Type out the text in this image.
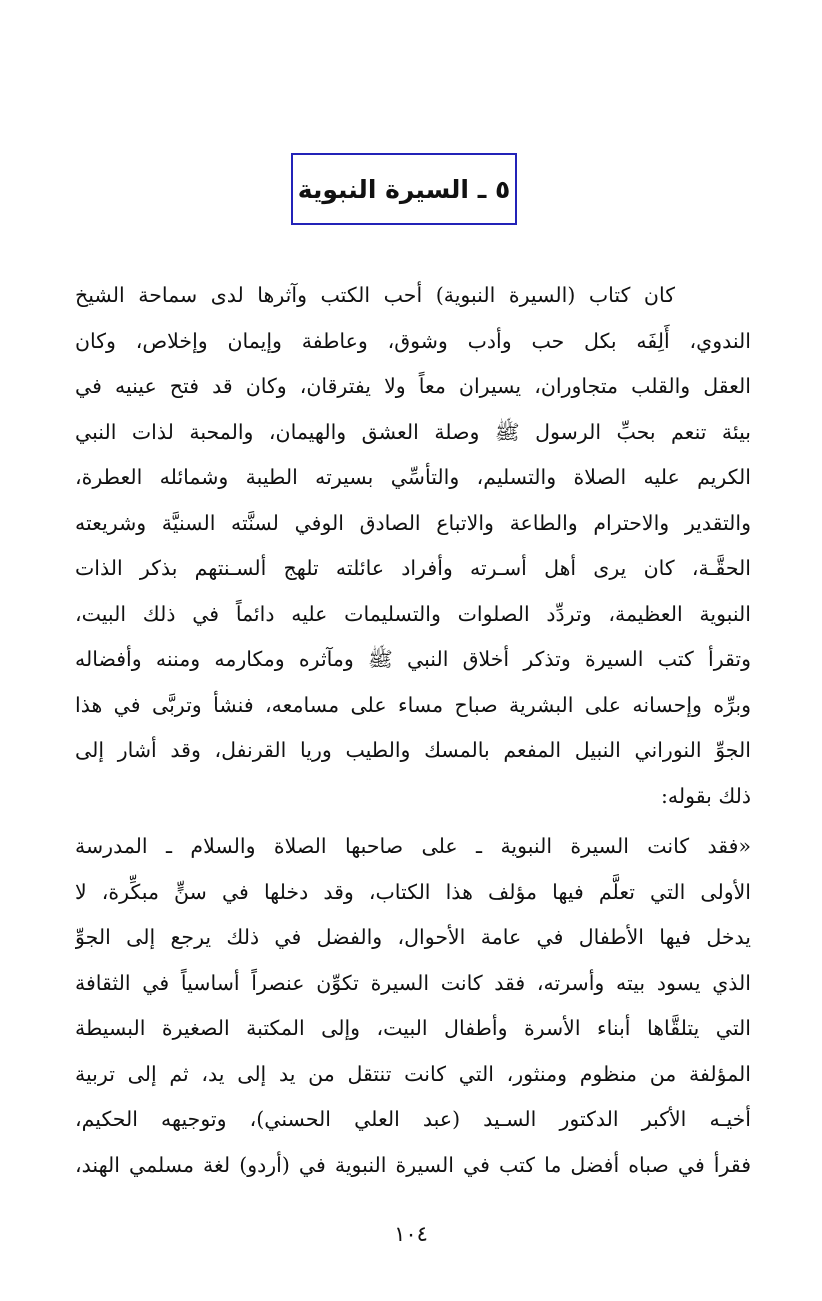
٥ ـ السيرة النبوية
كان كتاب (السيرة النبوية) أحب الكتب وآثرها لدى سماحة الشيخ
الندوي، أَلِفَه بكل حب وأدب وشوق، وعاطفة وإيمان وإخلاص، وكان
العقل والقلب متجاوران، يسيران معاً ولا يفترقان، وكان قد فتح عينيه في
بيئة تنعم بحبِّ الرسول ﷺ وصلة العشق والهيمان، والمحبة لذات النبي
الكريم عليه الصلاة والتسليم، والتأسِّي بسيرته الطيبة وشمائله العطرة،
والتقدير والاحترام والطاعة والاتباع الصادق الوفي لسنَّته السنيَّة وشريعته
الحقَّـة، كان يرى أهل أسـرته وأفراد عائلته تلهج ألسـنتهم بذكر الذات
النبوية العظيمة، وتردِّد الصلوات والتسليمات عليه دائماً في ذلك البيت،
وتقرأ كتب السيرة وتذكر أخلاق النبي ﷺ ومآثره ومكارمه ومننه وأفضاله
وبرِّه وإحسانه على البشرية صباح مساء على مسامعه، فنشأ وتربَّى في هذا
الجوِّ النوراني النبيل المفعم بالمسك والطيب وريا القرنفل، وقد أشار إلى
ذلك بقوله:
«فقد كانت السيرة النبوية ـ على صاحبها الصلاة والسلام ـ المدرسة
الأولى التي تعلَّم فيها مؤلف هذا الكتاب، وقد دخلها في سنٍّ مبكِّرة، لا
يدخل فيها الأطفال في عامة الأحوال، والفضل في ذلك يرجع إلى الجوِّ
الذي يسود بيته وأسرته، فقد كانت السيرة تكوِّن عنصراً أساسياً في الثقافة
التي يتلقَّاها أبناء الأسرة وأطفال البيت، وإلى المكتبة الصغيرة البسيطة
المؤلفة من منظوم ومنثور، التي كانت تنتقل من يد إلى يد، ثم إلى تربية
أخيـه الأكبر الدكتور السـيد (عبد العلي الحسني)، وتوجيهه الحكيم،
فقرأ في صباه أفضل ما كتب في السيرة النبوية في (أردو) لغة مسلمي الهند،
١٠٤
